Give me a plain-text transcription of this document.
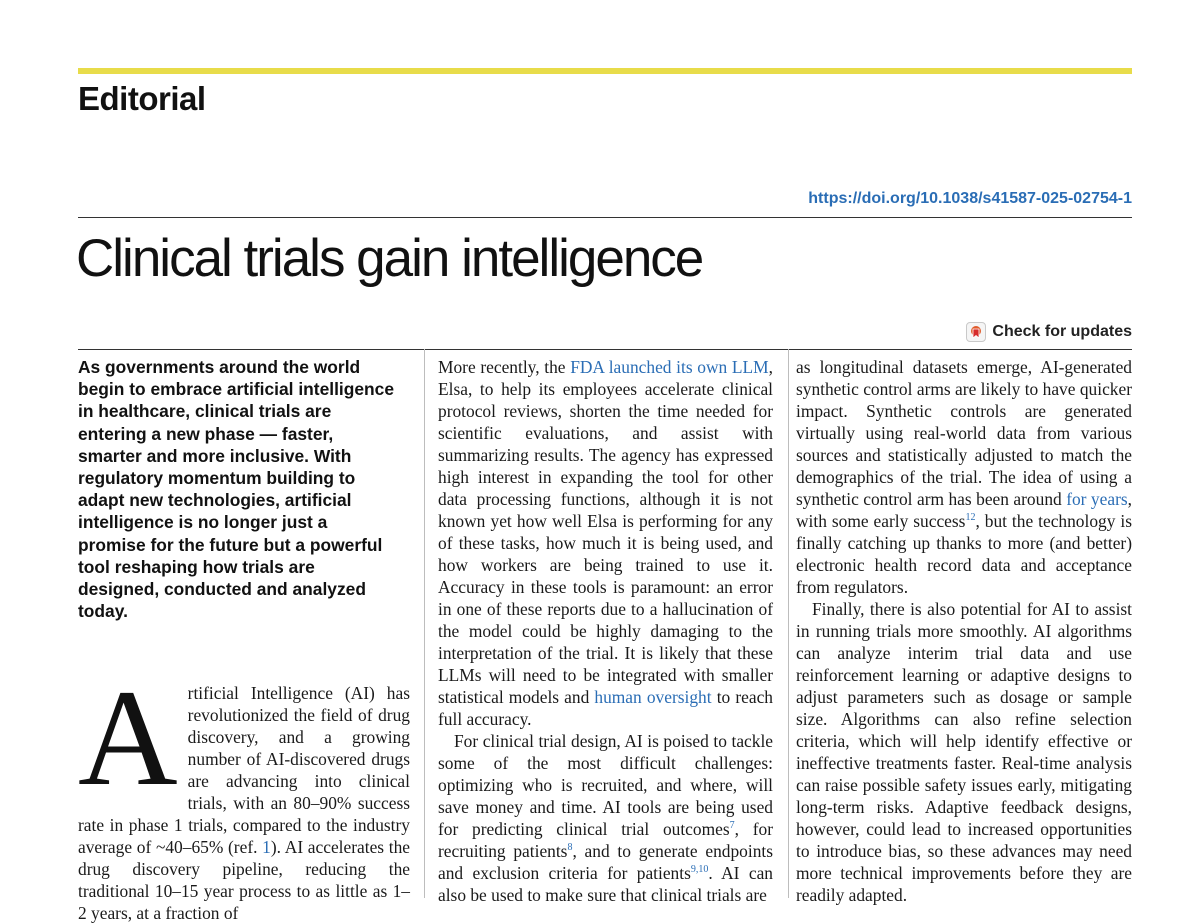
Editorial
https://doi.org/10.1038/s41587-025-02754-1
Clinical trials gain intelligence
Check for updates

As governments around the world begin to embrace artificial intelligence in healthcare, clinical trials are entering a new phase — faster, smarter and more inclusive. With regulatory momentum building to adapt new technologies, artificial intelligence is no longer just a promise for the future but a powerful tool reshaping how trials are designed, conducted and analyzed today.

Artificial Intelligence (AI) has revolutionized the field of drug discovery, and a growing number of AI-discovered drugs are advancing into clinical trials, with an 80–90% success rate in phase 1 trials, compared to the industry average of ~40–65% (ref. 1). AI accelerates the drug discovery pipeline, reducing the traditional 10–15 year process to as little as 1–2 years, at a fraction of

More recently, the FDA launched its own LLM, Elsa, to help its employees accelerate clinical protocol reviews, shorten the time needed for scientific evaluations, and assist with summarizing results. The agency has expressed high interest in expanding the tool for other data processing functions, although it is not known yet how well Elsa is performing for any of these tasks, how much it is being used, and how workers are being trained to use it. Accuracy in these tools is paramount: an error in one of these reports due to a hallucination of the model could be highly damaging to the interpretation of the trial. It is likely that these LLMs will need to be integrated with smaller statistical models and human oversight to reach full accuracy.

For clinical trial design, AI is poised to tackle some of the most difficult challenges: optimizing who is recruited, and where, will save money and time. AI tools are being used for predicting clinical trial outcomes$^7$, for recruiting patients$^8$, and to generate endpoints and exclusion criteria for patients$^{9,10}$. AI can also be used to make sure that clinical trials are

as longitudinal datasets emerge, AI-generated synthetic control arms are likely to have quicker impact. Synthetic controls are generated virtually using real-world data from various sources and statistically adjusted to match the demographics of the trial. The idea of using a synthetic control arm has been around for years, with some early success$^{12}$, but the technology is finally catching up thanks to more (and better) electronic health record data and acceptance from regulators.

Finally, there is also potential for AI to assist in running trials more smoothly. AI algorithms can analyze interim trial data and use reinforcement learning or adaptive designs to adjust parameters such as dosage or sample size. Algorithms can also refine selection criteria, which will help identify effective or ineffective treatments faster. Real-time analysis can raise possible safety issues early, mitigating long-term risks. Adaptive feedback designs, however, could lead to increased opportunities to introduce bias, so these advances may need more technical improvements before they are readily adapted.
